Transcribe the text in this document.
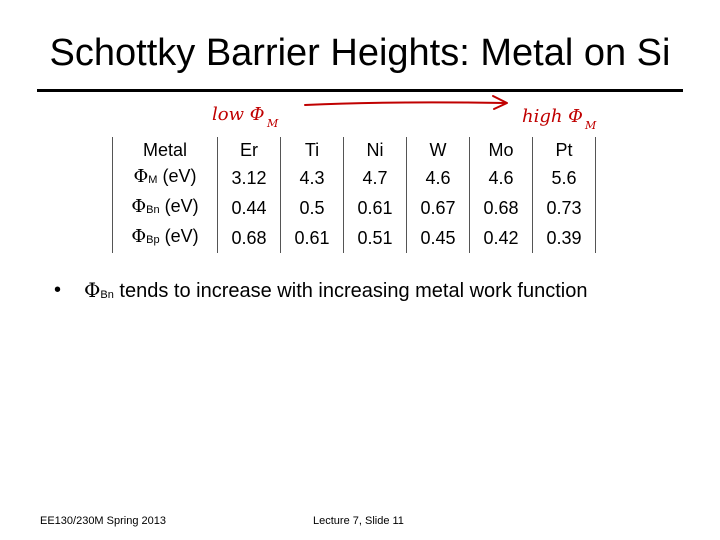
Schottky Barrier Heights: Metal on Si
low Φ M	high Φ M
Metal	Er	Ti	Ni	W	Mo	Pt
ΦM (eV)	3.12	4.3	4.7	4.6	4.6	5.6
ΦBn (eV)	0.44	0.5	0.61	0.67	0.68	0.73
ΦBp (eV)	0.68	0.61	0.51	0.45	0.42	0.39
• ΦBn tends to increase with increasing metal work function
EE130/230M Spring 2013	Lecture 7, Slide 11
